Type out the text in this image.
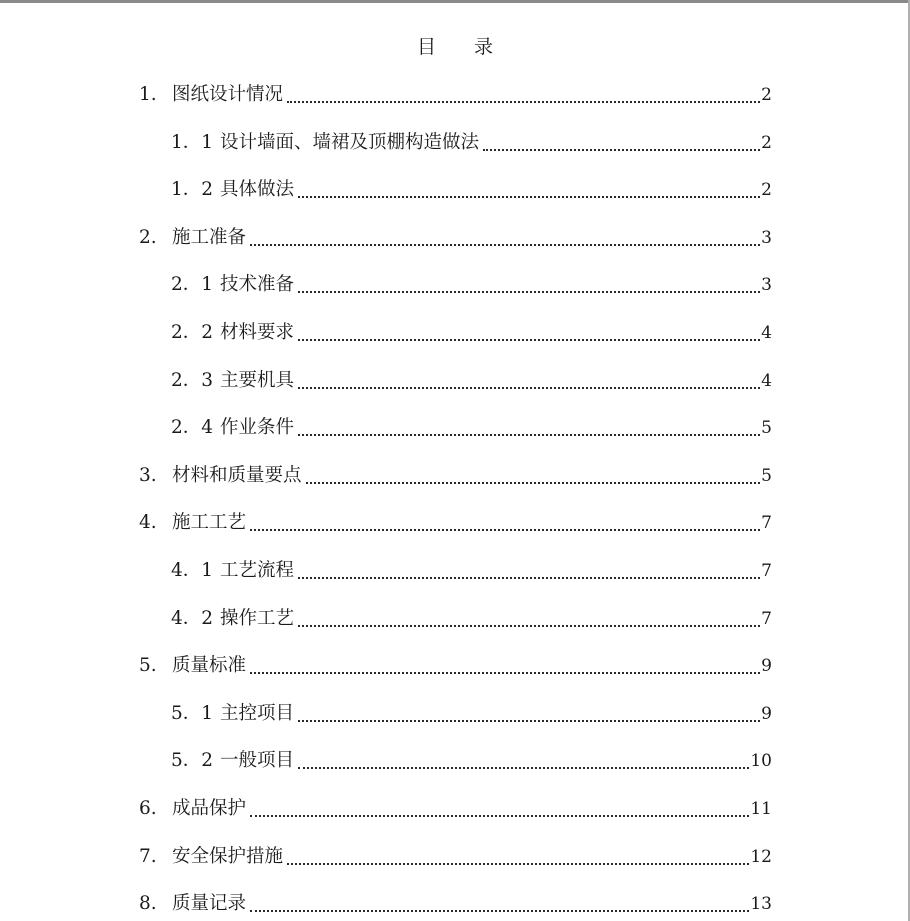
目 录
1. 图纸设计情况	2
1．1 设计墙面、墙裙及顶棚构造做法	2
1．2 具体做法	2
2. 施工准备	3
2．1 技术准备	3
2．2 材料要求	4
2．3 主要机具	4
2．4 作业条件	5
3. 材料和质量要点	5
4. 施工工艺	7
4．1 工艺流程	7
4．2 操作工艺	7
5. 质量标准	9
5．1 主控项目	9
5．2 一般项目	10
6. 成品保护	11
7. 安全保护措施	12
8. 质量记录	13
